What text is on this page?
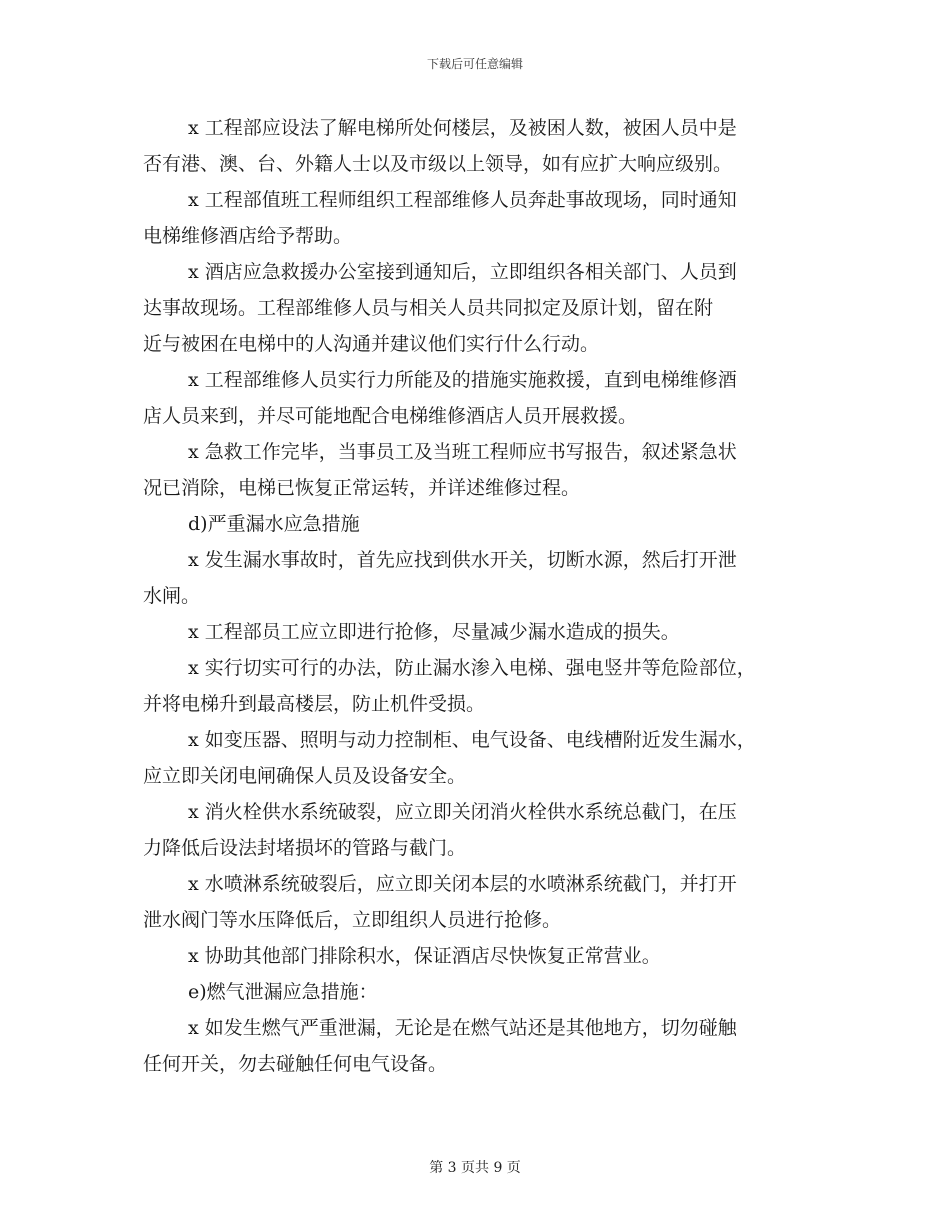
下载后可任意编辑

x 工程部应设法了解电梯所处何楼层，及被困人数，被困人员中是
否有港、澳、台、外籍人士以及市级以上领导，如有应扩大响应级别。

x 工程部值班工程师组织工程部维修人员奔赴事故现场，同时通知
电梯维修酒店给予帮助。

x 酒店应急救援办公室接到通知后，立即组织各相关部门、人员到
达事故现场。工程部维修人员与相关人员共同拟定及原计划，留在附
近与被困在电梯中的人沟通并建议他们实行什么行动。

x 工程部维修人员实行力所能及的措施实施救援，直到电梯维修酒
店人员来到，并尽可能地配合电梯维修酒店人员开展救援。

x 急救工作完毕，当事员工及当班工程师应书写报告，叙述紧急状
况已消除，电梯已恢复正常运转，并详述维修过程。

d)严重漏水应急措施

x 发生漏水事故时，首先应找到供水开关，切断水源，然后打开泄
水闸。

x 工程部员工应立即进行抢修，尽量减少漏水造成的损失。

x 实行切实可行的办法，防止漏水渗入电梯、强电竖井等危险部位，
并将电梯升到最高楼层，防止机件受损。

x 如变压器、照明与动力控制柜、电气设备、电线槽附近发生漏水，
应立即关闭电闸确保人员及设备安全。

x 消火栓供水系统破裂，应立即关闭消火栓供水系统总截门，在压
力降低后设法封堵损坏的管路与截门。

x 水喷淋系统破裂后，应立即关闭本层的水喷淋系统截门，并打开
泄水阀门等水压降低后，立即组织人员进行抢修。

x 协助其他部门排除积水，保证酒店尽快恢复正常营业。

e)燃气泄漏应急措施：

x 如发生燃气严重泄漏，无论是在燃气站还是其他地方，切勿碰触
任何开关，勿去碰触任何电气设备。

第 3 页共 9 页
